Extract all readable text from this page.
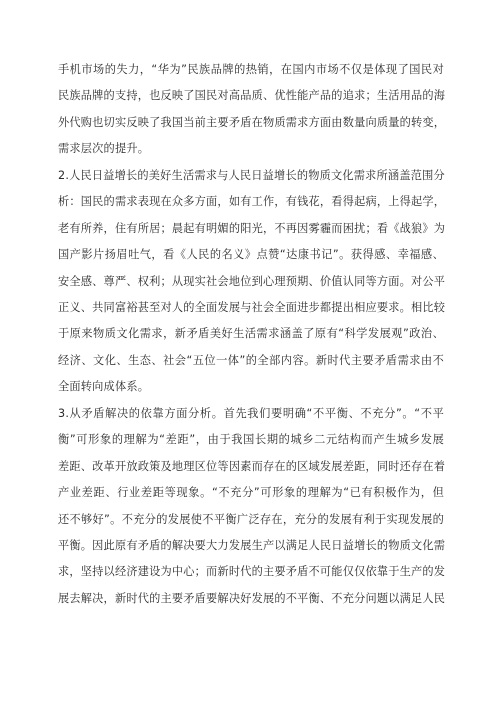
手机市场的失力，“华为”民族品牌的热销，在国内市场不仅是体现了国民对
民族品牌的支持，也反映了国民对高品质、优性能产品的追求；生活用品的海
外代购也切实反映了我国当前主要矛盾在物质需求方面由数量向质量的转变，
需求层次的提升。
2.人民日益增长的美好生活需求与人民日益增长的物质文化需求所涵盖范围分
析：国民的需求表现在众多方面，如有工作，有钱花，看得起病，上得起学，
老有所养，住有所居；晨起有明媚的阳光，不再因雾霾而困扰；看《战狼》为
国产影片扬眉吐气，看《人民的名义》点赞“达康书记”。获得感、幸福感、
安全感、尊严、权利；从现实社会地位到心理预期、价值认同等方面。对公平
正义、共同富裕甚至对人的全面发展与社会全面进步都提出相应要求。相比较
于原来物质文化需求，新矛盾美好生活需求涵盖了原有“科学发展观”政治、
经济、文化、生态、社会“五位一体”的全部内容。新时代主要矛盾需求由不
全面转向成体系。
3.从矛盾解决的依靠方面分析。首先我们要明确“不平衡、不充分”。“不平
衡”可形象的理解为“差距”，由于我国长期的城乡二元结构而产生城乡发展
差距、改革开放政策及地理区位等因素而存在的区域发展差距，同时还存在着
产业差距、行业差距等现象。“不充分”可形象的理解为“已有积极作为，但
还不够好”。不充分的发展使不平衡广泛存在，充分的发展有利于实现发展的
平衡。因此原有矛盾的解决要大力发展生产以满足人民日益增长的物质文化需
求，坚持以经济建设为中心；而新时代的主要矛盾不可能仅仅依靠于生产的发
展去解决，新时代的主要矛盾要解决好发展的不平衡、不充分问题以满足人民
